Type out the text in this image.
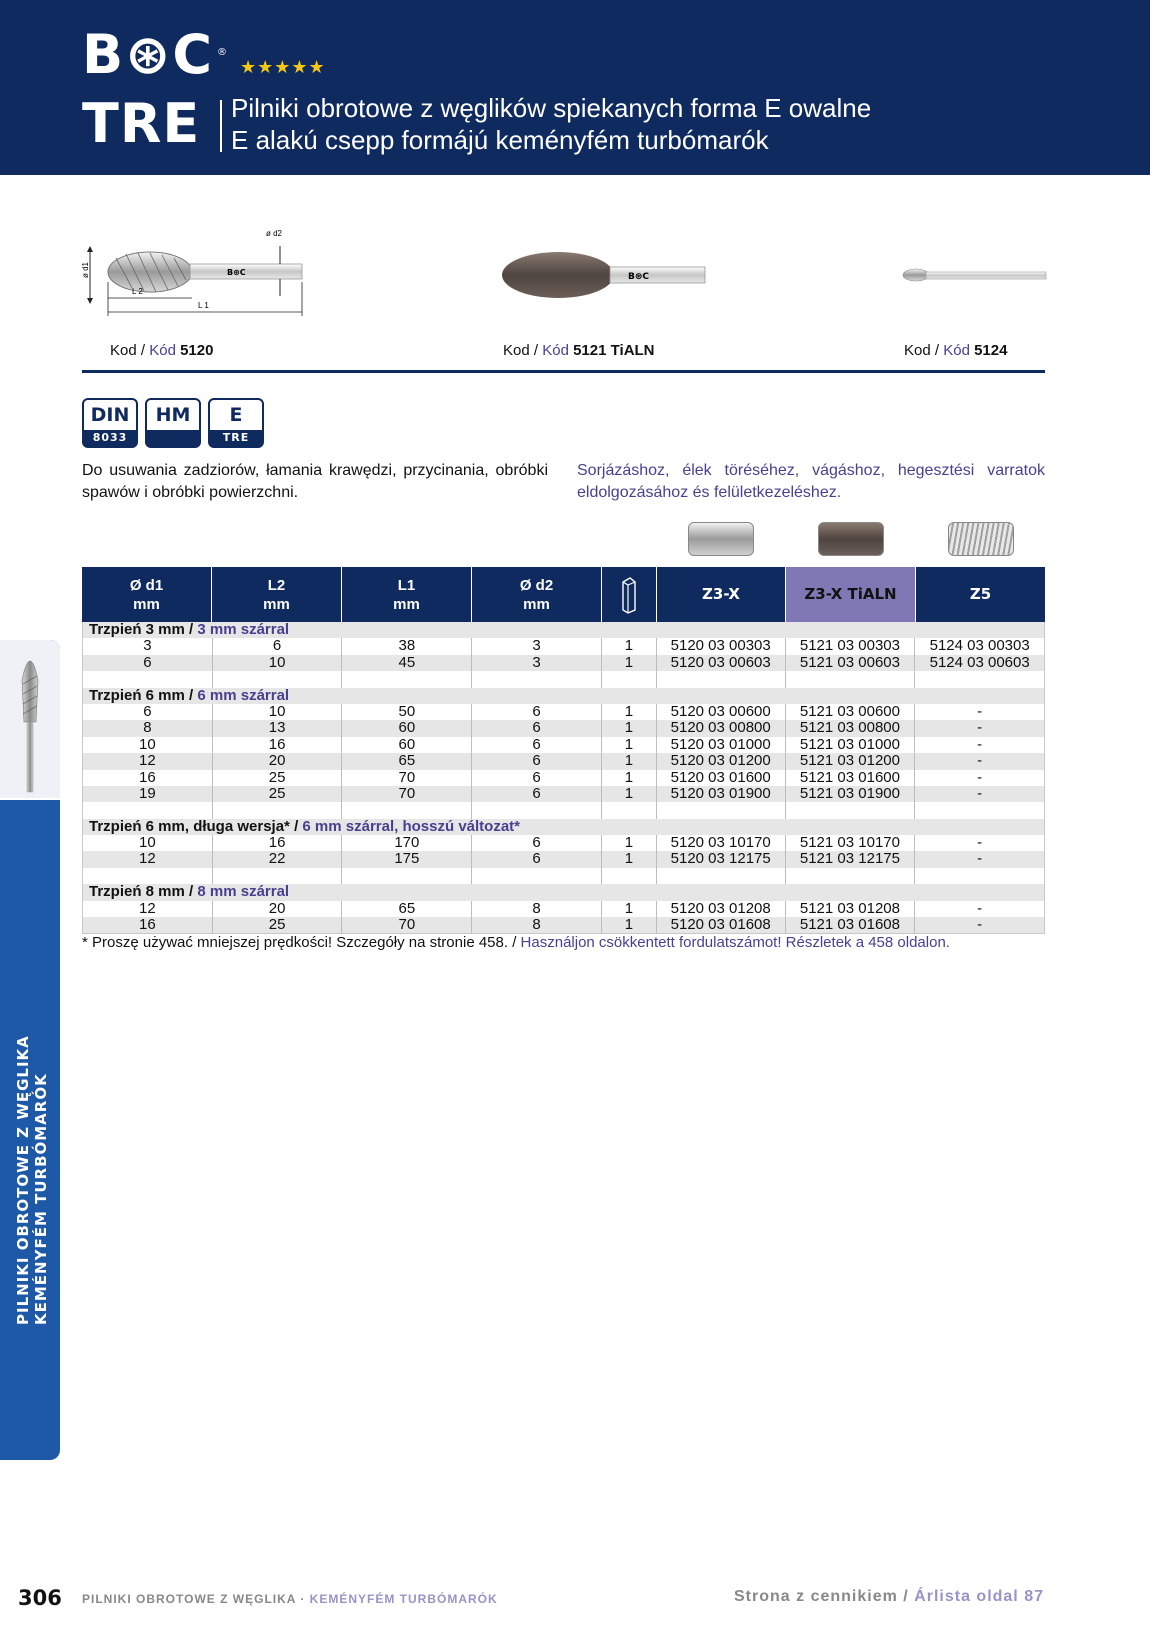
B⊛C ®
★★★★★
TRE Pilniki obrotowe z węglików spiekanych forma E owalne
E alakú csepp formájú keményfém turbómarók
B⊛C
ø d1
ø d2
L 2
L 1
B⊛C
Kod / Kód 5120	Kod / Kód 5121 TiALN	Kod / Kód 5124
DIN
8033
HM	E
TRE
Do usuwania zadziorów, łamania krawędzi, przycinania, obróbki spawów i obróbki powierzchni.
Sorjázáshoz, élek töréséhez, vágáshoz, hegesztési varratok eldolgozásához és felületkezeléshez.
Ø d1
mm
L2
mm
L1
mm
Ø d2
mm
Z3-X	Z3-X TiALN	Z5
Trzpień 3 mm / 3 mm szárral
3	6	38	3	1	5120 03 00303	5121 03 00303	5124 03 00303
6	10	45	3	1	5120 03 00603	5121 03 00603	5124 03 00603
Trzpień 6 mm / 6 mm szárral
6	10	50	6	1	5120 03 00600	5121 03 00600	-
8	13	60	6	1	5120 03 00800	5121 03 00800	-
10	16	60	6	1	5120 03 01000	5121 03 01000	-
12	20	65	6	1	5120 03 01200	5121 03 01200	-
16	25	70	6	1	5120 03 01600	5121 03 01600	-
19	25	70	6	1	5120 03 01900	5121 03 01900	-
Trzpień 6 mm, długa wersja* / 6 mm szárral, hosszú változat*
10	16	170	6	1	5120 03 10170	5121 03 10170	-
12	22	175	6	1	5120 03 12175	5121 03 12175	-
Trzpień 8 mm / 8 mm szárral
12	20	65	8	1	5120 03 01208	5121 03 01208	-
16	25	70	8	1	5120 03 01608	5121 03 01608	-
* Proszę używać mniejszej prędkości! Szczegóły na stronie 458. / Használjon csökkentett fordulatszámot! Részletek a 458 oldalon.
PILNIKI OBROTOWE Z WĘGLIKA KEMÉNYFÉM TURBÓMARÓK
306 PILNIKI OBROTOWE Z WĘGLIKA · KEMÉNYFÉM TURBÓMARÓK	Strona z cennikiem / Árlista oldal 87
